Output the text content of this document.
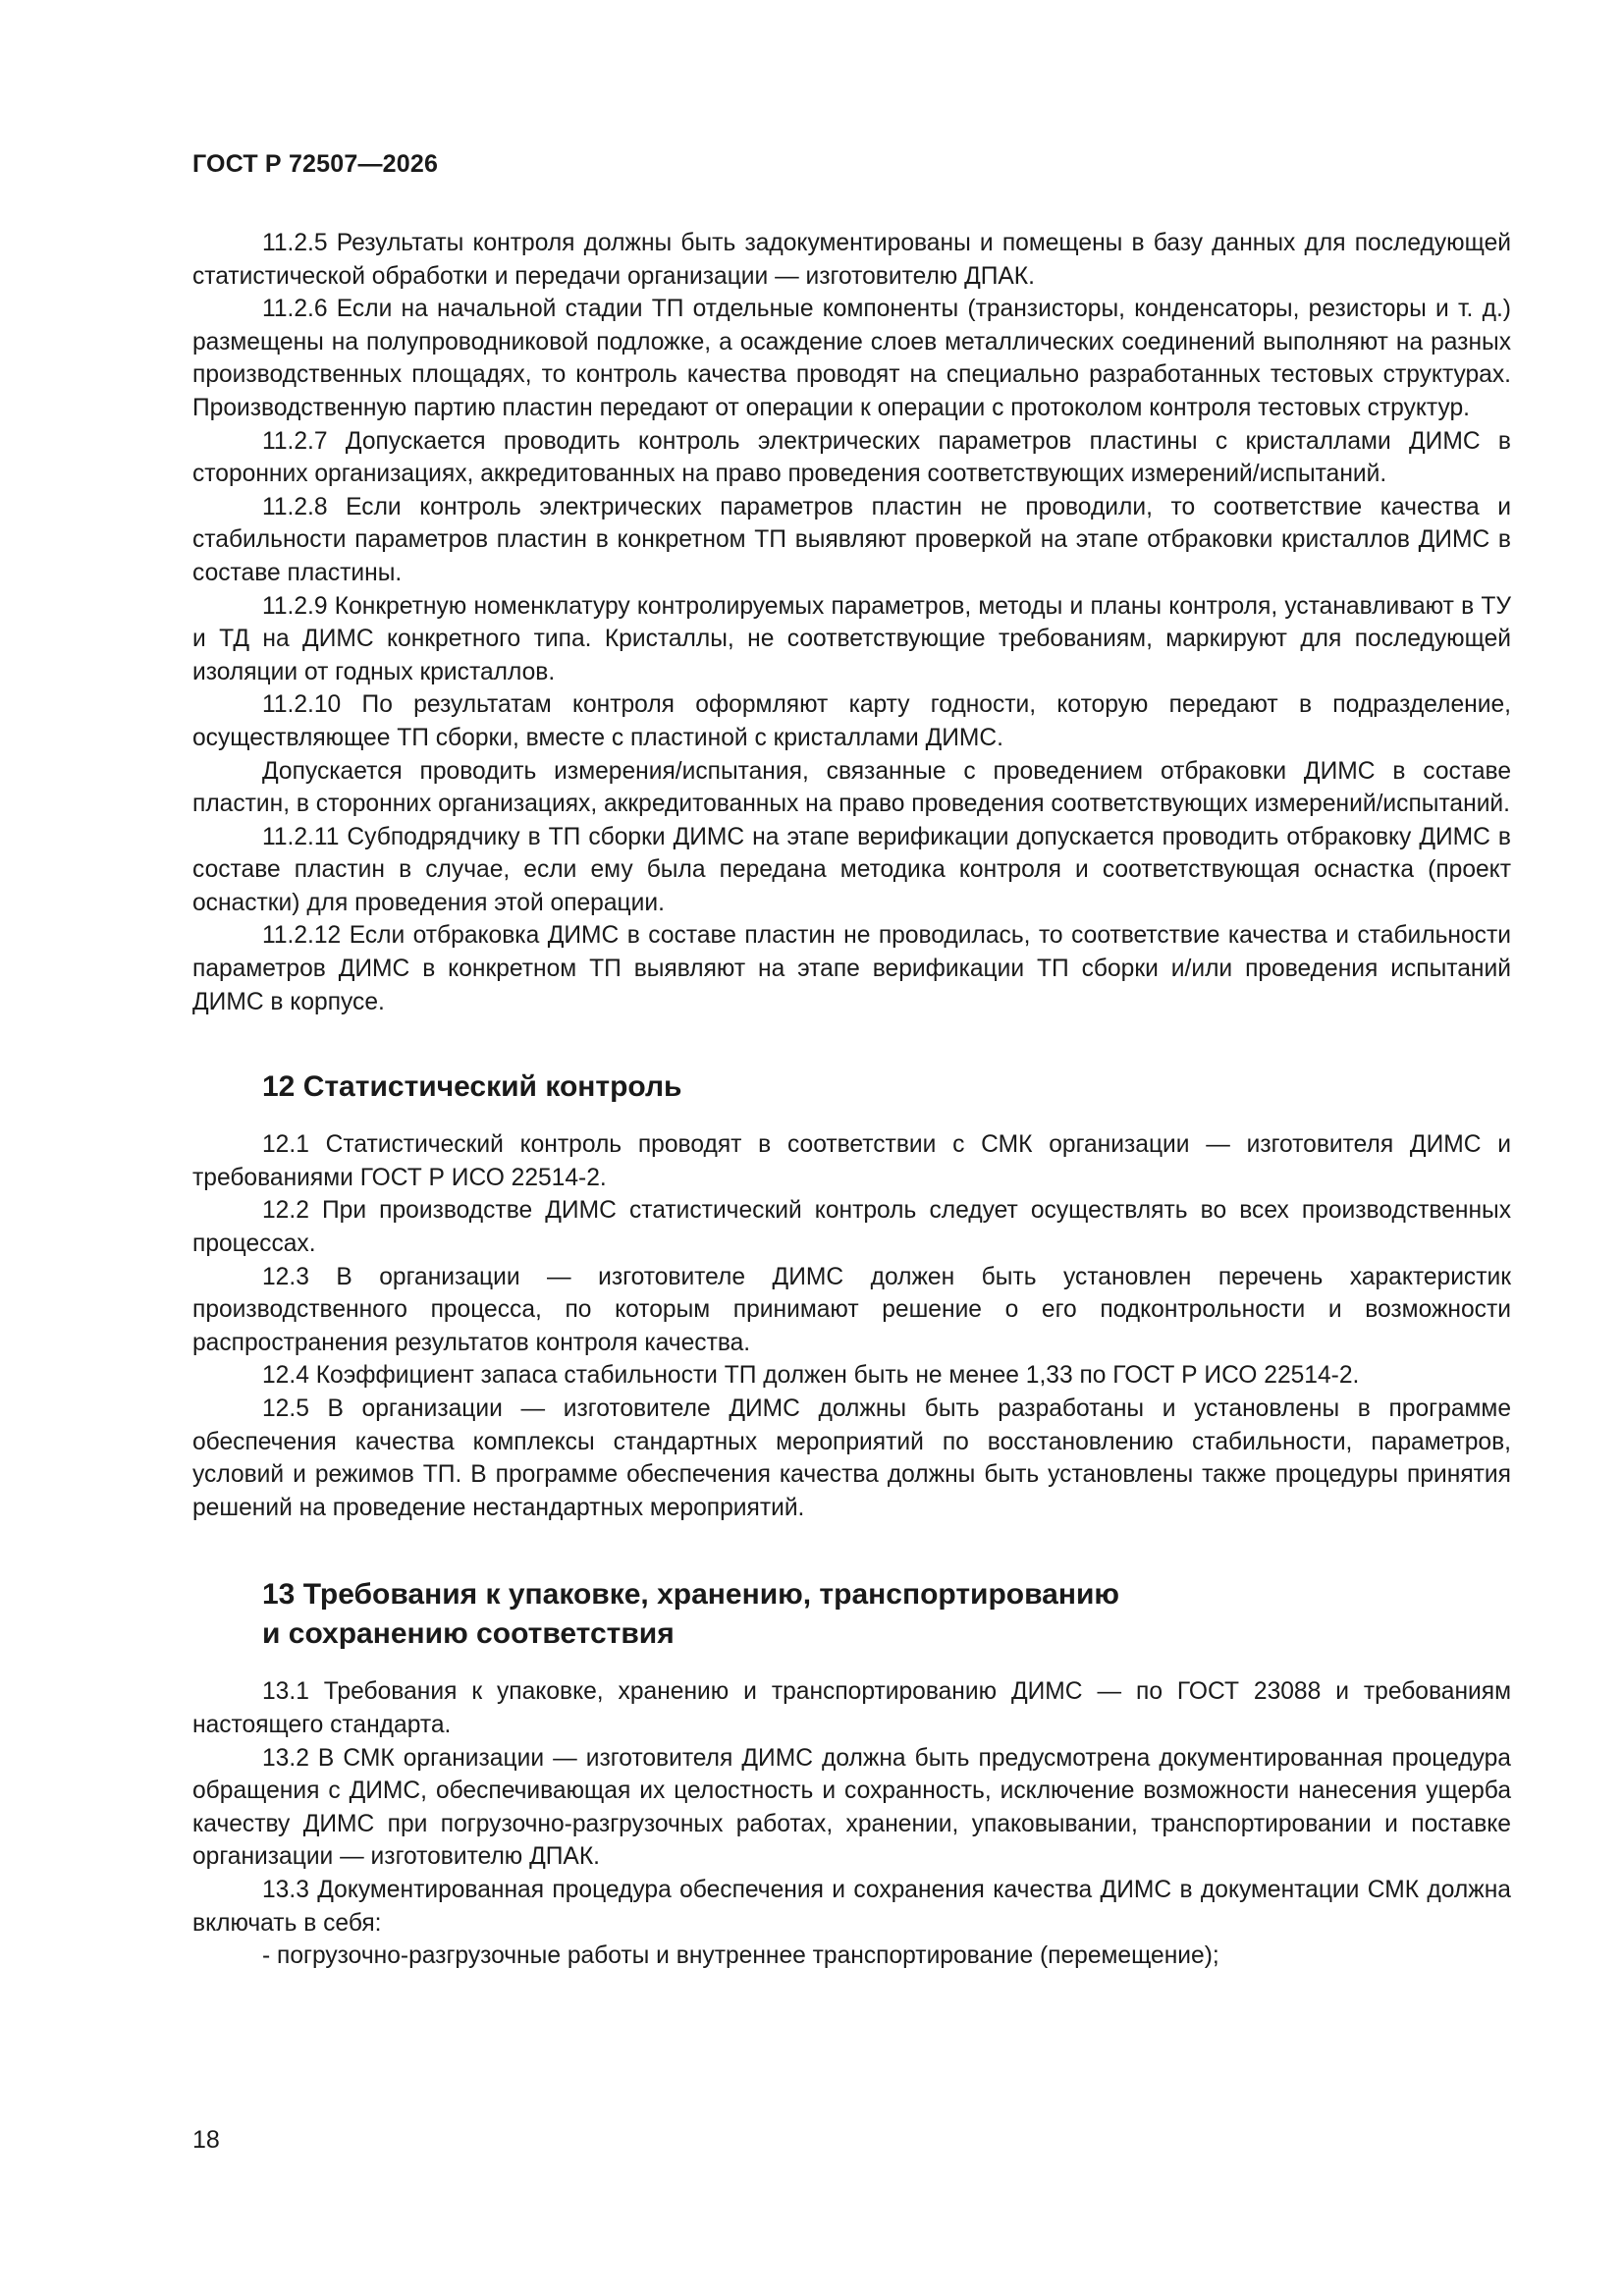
ГОСТ Р 72507—2026

11.2.5 Результаты контроля должны быть задокументированы и помещены в базу данных для последующей статистической обработки и передачи организации — изготовителю ДПАК.

11.2.6 Если на начальной стадии ТП отдельные компоненты (транзисторы, конденсаторы, резисторы и т. д.) размещены на полупроводниковой подложке, а осаждение слоев металлических соединений выполняют на разных производственных площадях, то контроль качества проводят на специально разработанных тестовых структурах. Производственную партию пластин передают от операции к операции с протоколом контроля тестовых структур.

11.2.7 Допускается проводить контроль электрических параметров пластины с кристаллами ДИМС в сторонних организациях, аккредитованных на право проведения соответствующих измерений/испытаний.

11.2.8 Если контроль электрических параметров пластин не проводили, то соответствие качества и стабильности параметров пластин в конкретном ТП выявляют проверкой на этапе отбраковки кристаллов ДИМС в составе пластины.

11.2.9 Конкретную номенклатуру контролируемых параметров, методы и планы контроля, устанавливают в ТУ и ТД на ДИМС конкретного типа. Кристаллы, не соответствующие требованиям, маркируют для последующей изоляции от годных кристаллов.

11.2.10 По результатам контроля оформляют карту годности, которую передают в подразделение, осуществляющее ТП сборки, вместе с пластиной с кристаллами ДИМС.

Допускается проводить измерения/испытания, связанные с проведением отбраковки ДИМС в составе пластин, в сторонних организациях, аккредитованных на право проведения соответствующих измерений/испытаний.

11.2.11 Субподрядчику в ТП сборки ДИМС на этапе верификации допускается проводить отбраковку ДИМС в составе пластин в случае, если ему была передана методика контроля и соответствующая оснастка (проект оснастки) для проведения этой операции.

11.2.12 Если отбраковка ДИМС в составе пластин не проводилась, то соответствие качества и стабильности параметров ДИМС в конкретном ТП выявляют на этапе верификации ТП сборки и/или проведения испытаний ДИМС в корпусе.

12 Статистический контроль

12.1 Статистический контроль проводят в соответствии с СМК организации — изготовителя ДИМС и требованиями ГОСТ Р ИСО 22514-2.

12.2 При производстве ДИМС статистический контроль следует осуществлять во всех производственных процессах.

12.3 В организации — изготовителе ДИМС должен быть установлен перечень характеристик производственного процесса, по которым принимают решение о его подконтрольности и возможности распространения результатов контроля качества.

12.4 Коэффициент запаса стабильности ТП должен быть не менее 1,33 по ГОСТ Р ИСО 22514-2.

12.5 В организации — изготовителе ДИМС должны быть разработаны и установлены в программе обеспечения качества комплексы стандартных мероприятий по восстановлению стабильности, параметров, условий и режимов ТП. В программе обеспечения качества должны быть установлены также процедуры принятия решений на проведение нестандартных мероприятий.

13 Требования к упаковке, хранению, транспортированию
и сохранению соответствия

13.1 Требования к упаковке, хранению и транспортированию ДИМС — по ГОСТ 23088 и требованиям настоящего стандарта.

13.2 В СМК организации — изготовителя ДИМС должна быть предусмотрена документированная процедура обращения с ДИМС, обеспечивающая их целостность и сохранность, исключение возможности нанесения ущерба качеству ДИМС при погрузочно-разгрузочных работах, хранении, упаковывании, транспортировании и поставке организации — изготовителю ДПАК.

13.3 Документированная процедура обеспечения и сохранения качества ДИМС в документации СМК должна включать в себя:

- погрузочно-разгрузочные работы и внутреннее транспортирование (перемещение);

18
